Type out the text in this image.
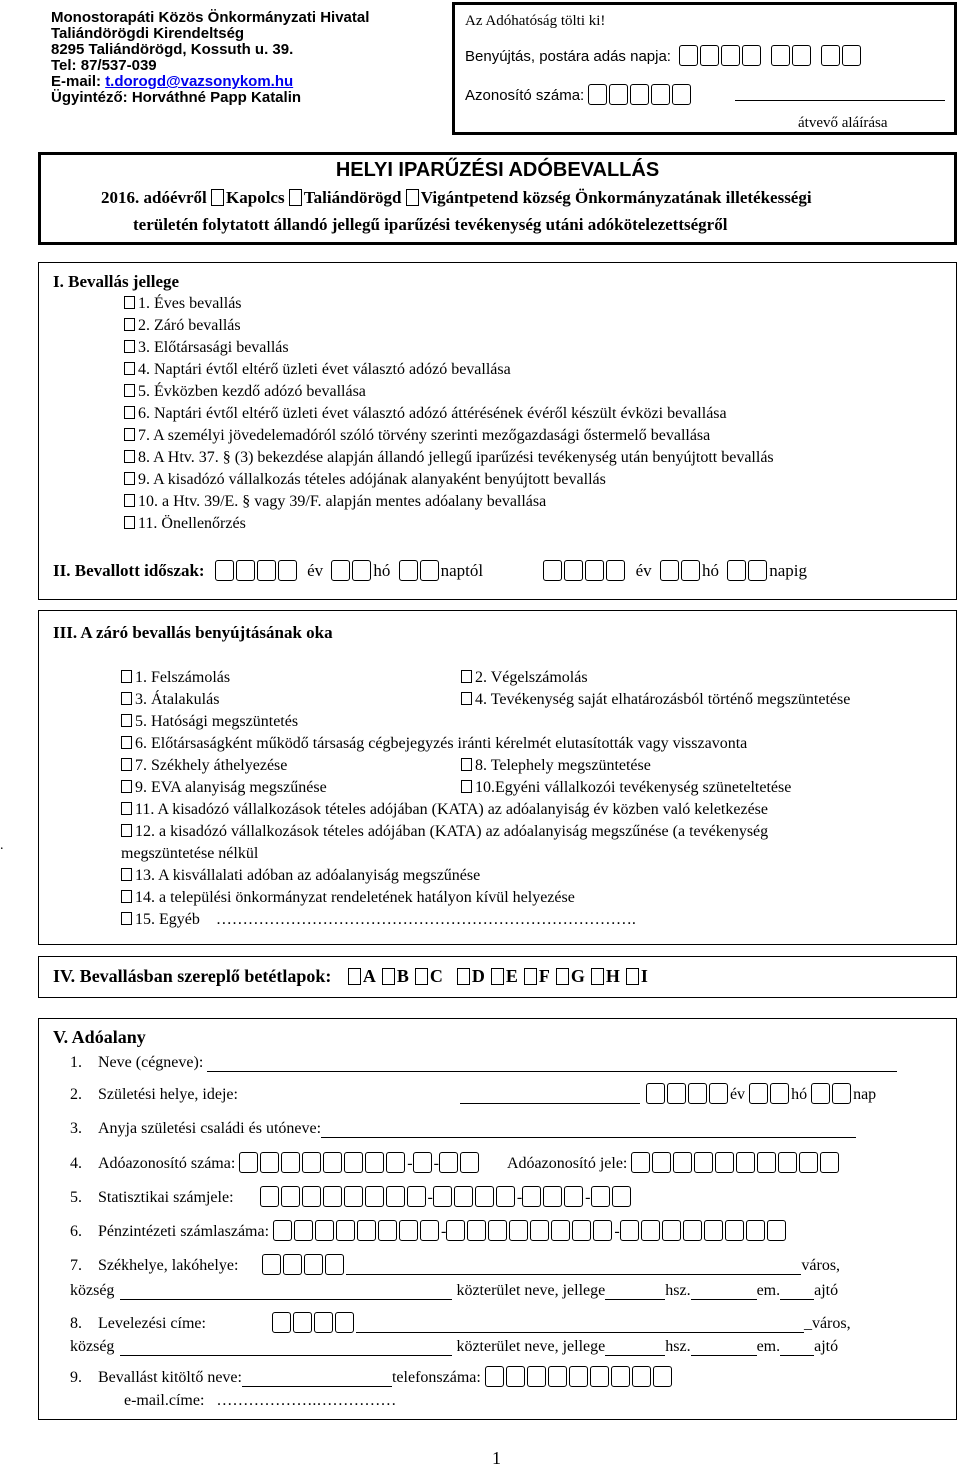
Monostorapáti Közös Önkormányzati Hivatal
Taliándörögdi Kirendeltség
8295 Taliándörögd, Kossuth u. 39.
Tel: 87/537-039
E-mail: t.dorogd@vazsonykom.hu
Ügyintéző: Horváthné Papp Katalin
Az Adóhatóság tölti ki!
Benyújtás, postára adás napja:
Azonosító száma:
átvevő aláírása
HELYI IPARŰZÉSI ADÓBEVALLÁS
2016. adóévről Kapolcs Taliándörögd Vigántpetend község Önkormányzatának illetékességi
területén folytatott állandó jellegű iparűzési tevékenység utáni adókötelezettségről
I. Bevallás jellege
1. Éves bevallás
2. Záró bevallás
3. Előtársasági bevallás
4. Naptári évtől eltérő üzleti évet választó adózó bevallása
5. Évközben kezdő adózó bevallása
6. Naptári évtől eltérő üzleti évet választó adózó áttérésének évéről készült évközi bevallása
7. A személyi jövedelemadóról szóló törvény szerinti mezőgazdasági őstermelő bevallása
8. A Htv. 37. § (3) bekezdése alapján állandó jellegű iparűzési tevékenység után benyújtott bevallás
9. A kisadózó vállalkozás tételes adójának alanyaként benyújtott bevallás
10. a Htv. 39/E. § vagy 39/F. alapján mentes adóalany bevallása
11. Önellenőrzés
II. Bevallott időszak:	év	hó	naptól	év	hó	napig
III. A záró bevallás benyújtásának oka
.
1. Felszámolás	2. Végelszámolás
3. Átalakulás	4. Tevékenység saját elhatározásból történő megszüntetése
5. Hatósági megszüntetés
6. Előtársaságként működő társaság cégbejegyzés iránti kérelmét elutasították vagy visszavonta
7. Székhely áthelyezése	8. Telephely megszüntetése
9. EVA alanyiság megszűnése	10.Egyéni vállalkozói tevékenység szüneteltetése
11. A kisadózó vállalkozások tételes adójában (KATA) az adóalanyiság év közben való keletkezése
12. a kisadózó vállalkozások tételes adójában (KATA) az adóalanyiság megszűnése (a tevékenység
megszüntetése nélkül
13. A kisvállalati adóban az adóalanyiság megszűnése
14. a települési önkormányzat rendeletének hatályon kívül helyezése
15. Egyéb …………………………………………………………………….
IV. Bevallásban szereplő betétlapok: A B C D E F G H I
V. Adóalany
1. Neve (cégneve):
2. Születési helye, ideje:	év	hó	nap
3. Anyja születési családi és utóneve:
4. Adóazonosító száma:	- -	Adóazonosító jele:
5. Statisztikai számjele:	-	-	-
6. Pénzintézeti számlaszáma:	-	-
7. Székhelye, lakóhelye:	város,
község	közterület neve, jellege	hsz.	em. ajtó
8. Levelezési címe:	_város,
község	közterület neve, jellege	hsz.	em. ajtó
9. Bevallást kitöltő neve:	telefonszáma:
e-mail.címe: ……………….……………
1
